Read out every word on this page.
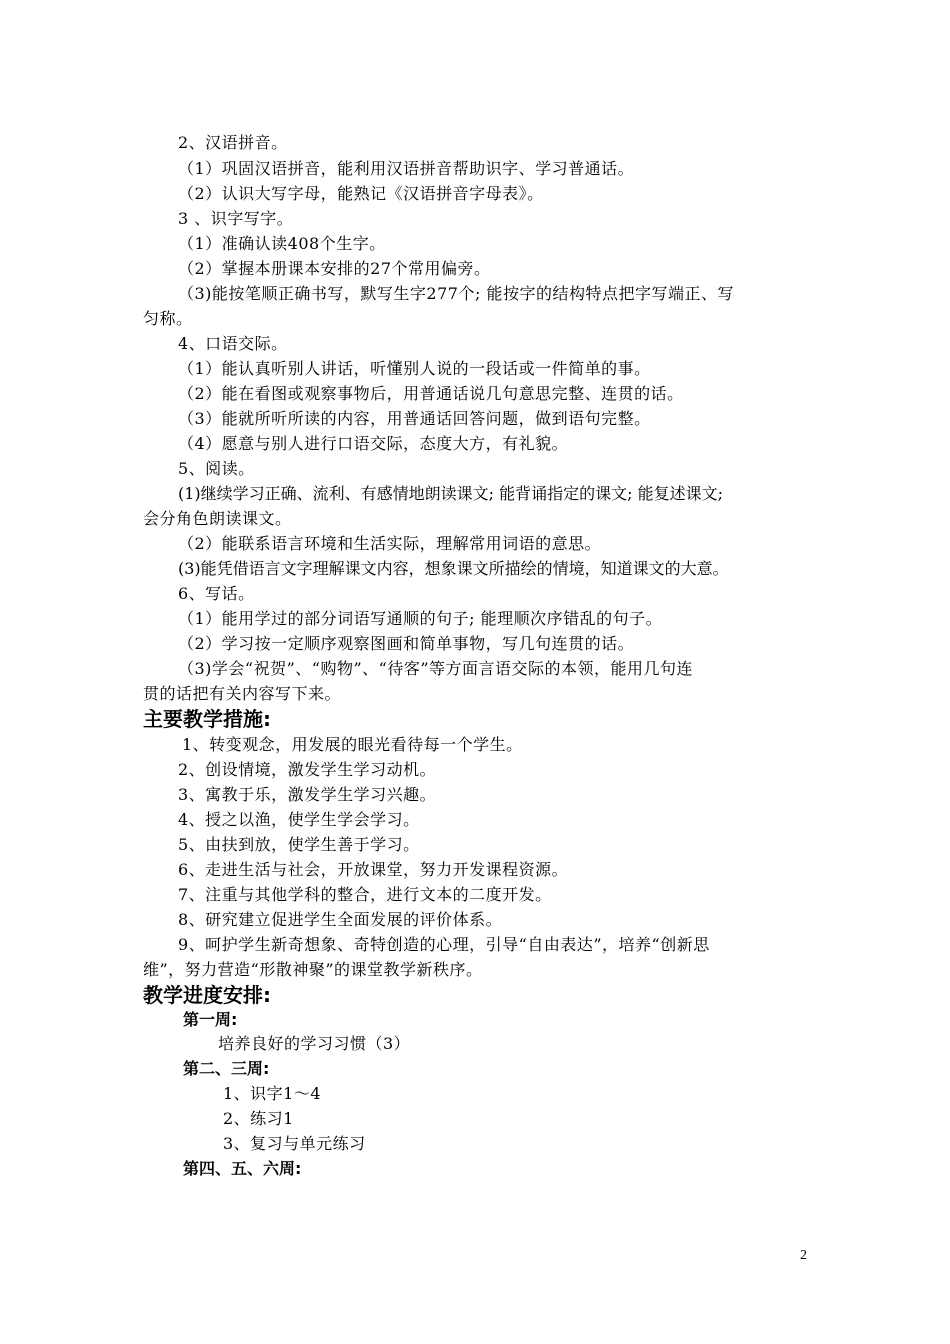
2、汉语拼音。

（1）巩固汉语拼音，能利用汉语拼音帮助识字、学习普通话。

（2）认识大写字母，能熟记《汉语拼音字母表》。

3 、识字写字。

（1）准确认读408个生字。

（2）掌握本册课本安排的27个常用偏旁。

（3)能按笔顺正确书写，默写生字277个; 能按字的结构特点把字写端正、写

匀称。

4、口语交际。

（1）能认真听别人讲话，听懂别人说的一段话或一件简单的事。

（2）能在看图或观察事物后，用普通话说几句意思完整、连贯的话。

（3）能就所听所读的内容，用普通话回答问题，做到语句完整。

（4）愿意与别人进行口语交际，态度大方，有礼貌。

5、阅读。

(1)继续学习正确、流利、有感情地朗读课文; 能背诵指定的课文; 能复述课文;

会分角色朗读课文。

（2）能联系语言环境和生活实际，理解常用词语的意思。

(3)能凭借语言文字理解课文内容，想象课文所描绘的情境，知道课文的大意。

6、写话。

（1）能用学过的部分词语写通顺的句子; 能理顺次序错乱的句子。

（2）学习按一定顺序观察图画和简单事物，写几句连贯的话。

（3)学会“祝贺”、“购物”、“待客”等方面言语交际的本领，能用几句连

贯的话把有关内容写下来。

主要教学措施:

1、转变观念，用发展的眼光看待每一个学生。

2、创设情境，激发学生学习动机。

3、寓教于乐，激发学生学习兴趣。

4、授之以渔，使学生学会学习。

5、由扶到放，使学生善于学习。

6、走进生活与社会，开放课堂，努力开发课程资源。

7、注重与其他学科的整合，进行文本的二度开发。

8、研究建立促进学生全面发展的评价体系。

9、呵护学生新奇想象、奇特创造的心理，引导“自由表达”，培养“创新思

维”，努力营造“形散神聚”的课堂教学新秩序。

教学进度安排:

第一周:

培养良好的学习习惯（3）

第二、三周:

1、识字1～4

2、练习1

3、复习与单元练习

第四、五、六周:

2
